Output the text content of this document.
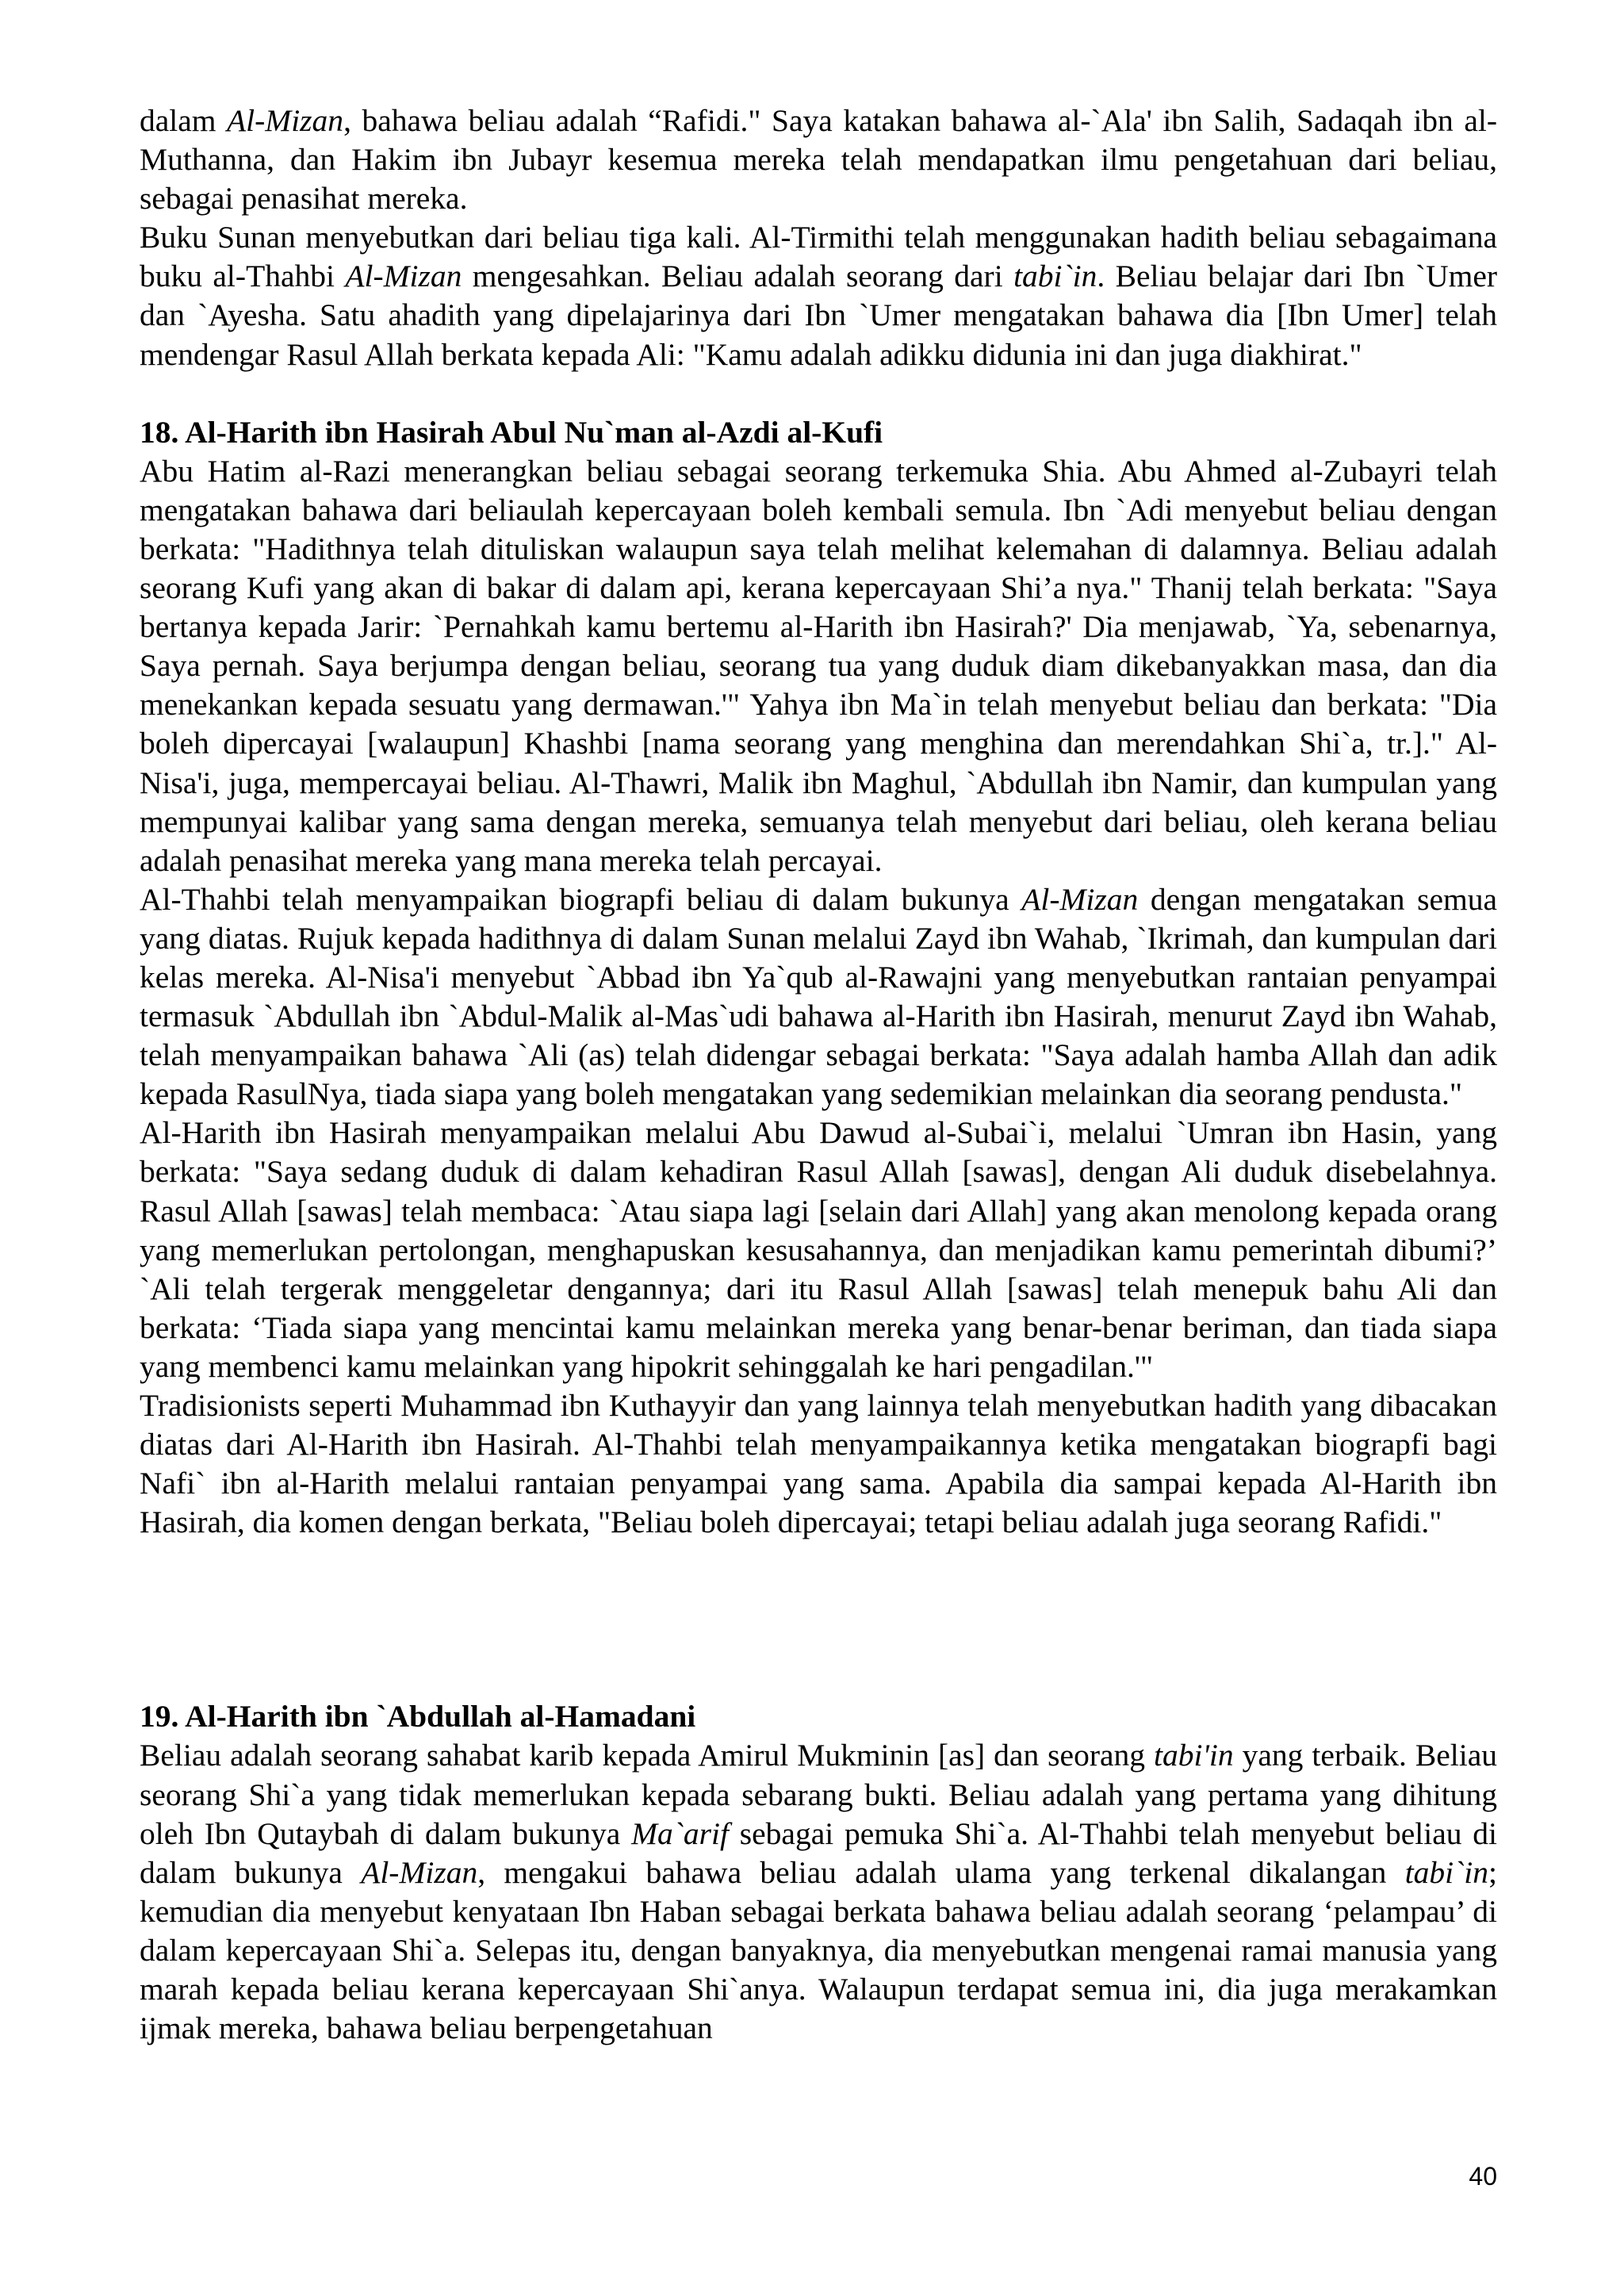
dalam Al-Mizan, bahawa beliau adalah “Rafidi." Saya katakan bahawa al-`Ala' ibn Salih, Sadaqah ibn al-Muthanna, dan Hakim ibn Jubayr kesemua mereka telah mendapatkan ilmu pengetahuan dari beliau, sebagai penasihat mereka.

Buku Sunan menyebutkan dari beliau tiga kali. Al-Tirmithi telah menggunakan hadith beliau sebagaimana buku al-Thahbi Al-Mizan mengesahkan. Beliau adalah seorang dari tabi`in. Beliau belajar dari Ibn `Umer dan `Ayesha. Satu ahadith yang dipelajarinya dari Ibn `Umer mengatakan bahawa dia [Ibn Umer] telah mendengar Rasul Allah berkata kepada Ali: "Kamu adalah adikku didunia ini dan juga diakhirat."

18. Al-Harith ibn Hasirah Abul Nu`man al-Azdi al-Kufi

Abu Hatim al-Razi menerangkan beliau sebagai seorang terkemuka Shia. Abu Ahmed al-Zubayri telah mengatakan bahawa dari beliaulah kepercayaan boleh kembali semula. Ibn `Adi menyebut beliau dengan berkata: "Hadithnya telah dituliskan walaupun saya telah melihat kelemahan di dalamnya. Beliau adalah seorang Kufi yang akan di bakar di dalam api, kerana kepercayaan Shi’a nya." Thanij telah berkata: "Saya bertanya kepada Jarir: `Pernahkah kamu bertemu al-Harith ibn Hasirah?' Dia menjawab, `Ya, sebenarnya, Saya pernah. Saya berjumpa dengan beliau, seorang tua yang duduk diam dikebanyakkan masa, dan dia menekankan kepada sesuatu yang dermawan.'" Yahya ibn Ma`in telah menyebut beliau dan berkata: "Dia boleh dipercayai [walaupun] Khashbi [nama seorang yang menghina dan merendahkan Shi`a, tr.]." Al-Nisa'i, juga, mempercayai beliau. Al-Thawri, Malik ibn Maghul, `Abdullah ibn Namir, dan kumpulan yang mempunyai kalibar yang sama dengan mereka, semuanya telah menyebut dari beliau, oleh kerana beliau adalah penasihat mereka yang mana mereka telah percayai.

Al-Thahbi telah menyampaikan biograpfi beliau di dalam bukunya Al-Mizan dengan mengatakan semua yang diatas. Rujuk kepada hadithnya di dalam Sunan melalui Zayd ibn Wahab, `Ikrimah, dan kumpulan dari kelas mereka. Al-Nisa'i menyebut `Abbad ibn Ya`qub al-Rawajni yang menyebutkan rantaian penyampai termasuk `Abdullah ibn `Abdul-Malik al-Mas`udi bahawa al-Harith ibn Hasirah, menurut Zayd ibn Wahab, telah menyampaikan bahawa `Ali (as) telah didengar sebagai berkata: "Saya adalah hamba Allah dan adik kepada RasulNya, tiada siapa yang boleh mengatakan yang sedemikian melainkan dia seorang pendusta."

Al-Harith ibn Hasirah menyampaikan melalui Abu Dawud al-Subai`i, melalui `Umran ibn Hasin, yang berkata: "Saya sedang duduk di dalam kehadiran Rasul Allah [sawas], dengan Ali duduk disebelahnya. Rasul Allah [sawas] telah membaca: `Atau siapa lagi [selain dari Allah] yang akan menolong kepada orang yang memerlukan pertolongan, menghapuskan kesusahannya, dan menjadikan kamu pemerintah dibumi?’ `Ali telah tergerak menggeletar dengannya; dari itu Rasul Allah [sawas] telah menepuk bahu Ali dan berkata: ‘Tiada siapa yang mencintai kamu melainkan mereka yang benar-benar beriman, dan tiada siapa yang membenci kamu melainkan yang hipokrit sehinggalah ke hari pengadilan.'"

Tradisionists seperti Muhammad ibn Kuthayyir dan yang lainnya telah menyebutkan hadith yang dibacakan diatas dari Al-Harith ibn Hasirah. Al-Thahbi telah menyampaikannya ketika mengatakan biograpfi bagi Nafi` ibn al-Harith melalui rantaian penyampai yang sama. Apabila dia sampai kepada Al-Harith ibn Hasirah, dia komen dengan berkata, "Beliau boleh dipercayai; tetapi beliau adalah juga seorang Rafidi."

19. Al-Harith ibn `Abdullah al-Hamadani

Beliau adalah seorang sahabat karib kepada Amirul Mukminin [as] dan seorang tabi'in yang terbaik. Beliau seorang Shi`a yang tidak memerlukan kepada sebarang bukti. Beliau adalah yang pertama yang dihitung oleh Ibn Qutaybah di dalam bukunya Ma`arif sebagai pemuka Shi`a. Al-Thahbi telah menyebut beliau di dalam bukunya Al-Mizan, mengakui bahawa beliau adalah ulama yang terkenal dikalangan tabi`in; kemudian dia menyebut kenyataan Ibn Haban sebagai berkata bahawa beliau adalah seorang ‘pelampau’ di dalam kepercayaan Shi`a. Selepas itu, dengan banyaknya, dia menyebutkan mengenai ramai manusia yang marah kepada beliau kerana kepercayaan Shi`anya. Walaupun terdapat semua ini, dia juga merakamkan ijmak mereka, bahawa beliau berpengetahuan

40
